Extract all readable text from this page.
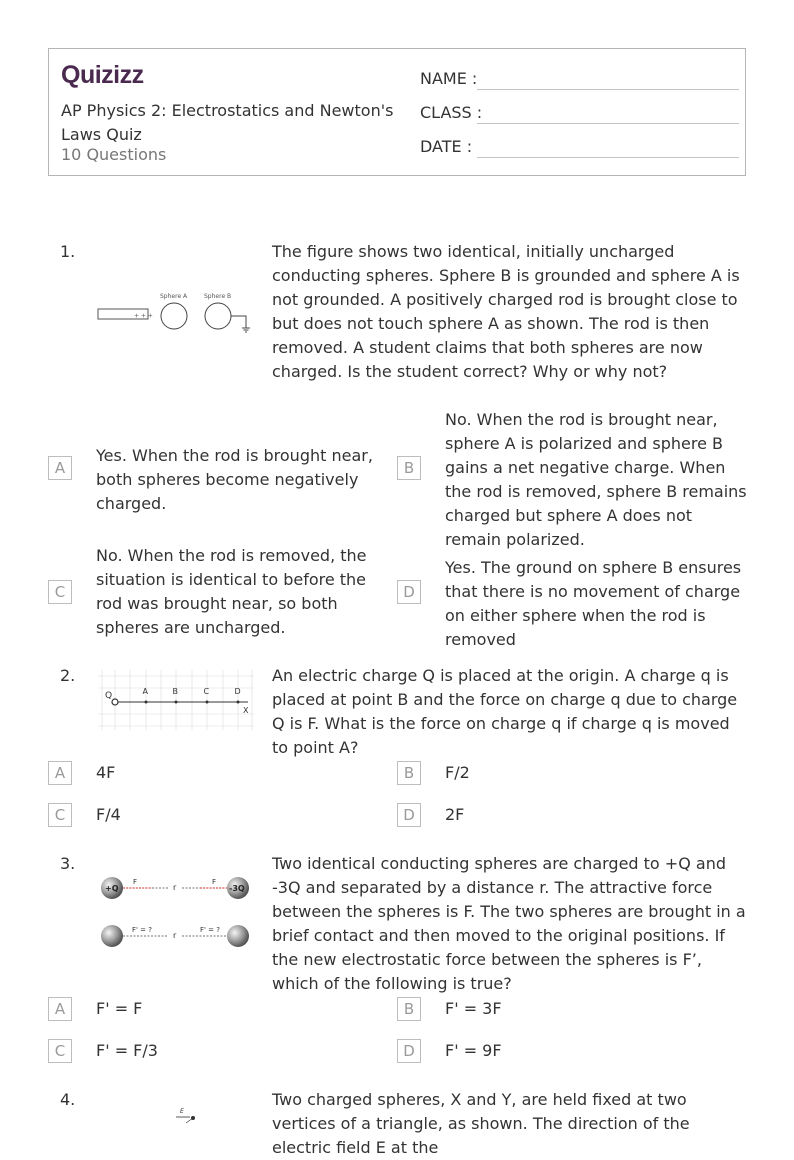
Quizizz
AP Physics 2: Electrostatics and Newton's Laws Quiz
10 Questions
NAME :
CLASS :
DATE :
1.
+ + +
Sphere A	Sphere B
The figure shows two identical, initially uncharged conducting spheres. Sphere B is grounded and sphere A is not grounded. A positively charged rod is brought close to but does not touch sphere A as shown. The rod is then removed. A student claims that both spheres are now charged. Is the student correct? Why or why not?
A
Yes. When the rod is brought near, both spheres become negatively charged.
B
No. When the rod is brought near, sphere A is polarized and sphere B gains a net negative charge. When the rod is removed, sphere B remains charged but sphere A does not remain polarized.
C
No. When the rod is removed, the situation is identical to before the rod was brought near, so both spheres are uncharged.
D
Yes. The ground on sphere B ensures that there is no movement of charge on either sphere when the rod is removed
2.
Q	A	B	C	D
X
An electric charge Q is placed at the origin. A charge q is placed at point B and the force on charge q due to charge Q is F. What is the force on charge q if charge q is moved to point A?
A	4F	B	F/2
C	F/4	D	2F
3.
+Q
F
r
F
-3Q
F' = ?
r
F' = ?
Two identical conducting spheres are charged to +Q and -3Q and separated by a distance r. The attractive force between the spheres is F. The two spheres are brought in a brief contact and then moved to the original positions. If the new electrostatic force between the spheres is F’, which of the following is true?
A	F' = F	B	F' = 3F
C	F' = F/3	D	F' = 9F
4.
E
Two charged spheres, X and Y, are held fixed at two vertices of a triangle, as shown. The direction of the electric field E at the
